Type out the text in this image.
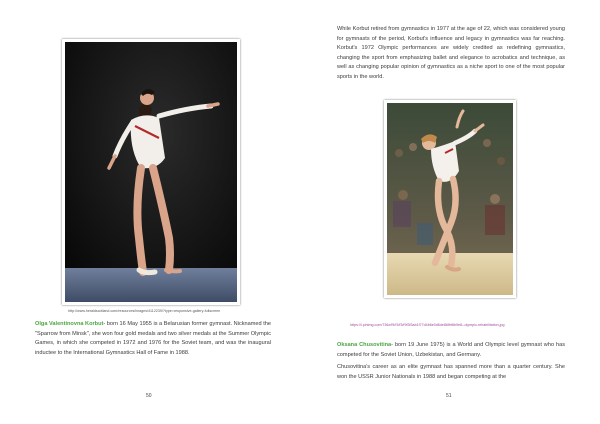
http://www.heraldscotland.com/resources/images/4112239/?type=responsive-gallery-fullscreen

Olga Valentinovna Korbut- born 16 May 1955 is a Belarusian former gymnast. Nicknamed the "Sparrow from Minsk", she won four gold medals and two silver medals at the Summer Olympic Games, in which she competed in 1972 and 1976 for the Soviet team, and was the inaugural inductee to the International Gymnastics Hall of Fame in 1988.

50

While Korbut retired from gymnastics in 1977 at the age of 22, which was considered young for gymnasts of the period, Korbut's influence and legacy in gymnastics was far reaching. Korbut's 1972 Olympic performances are widely credited as redefining gymnastics, changing the sport from emphasizing ballet and elegance to acrobatics and technique, as well as changing popular opinion of gymnastics as a niche sport to one of the most popular sports in the world.

https://i.pinimg.com/736x/f9/f3/f3/f9f3f3ab1f77d4b6e0d6de86fbf8b9e8--olympic-rehabilitation.jpg

Oksana Chusovitina- born 19 June 1975) is a World and Olympic level gymnast who has competed for the Soviet Union, Uzbekistan, and Germany.

Chusovitina's career as an elite gymnast has spanned more than a quarter century. She won the USSR Junior Nationals in 1988 and began competing at the

51
